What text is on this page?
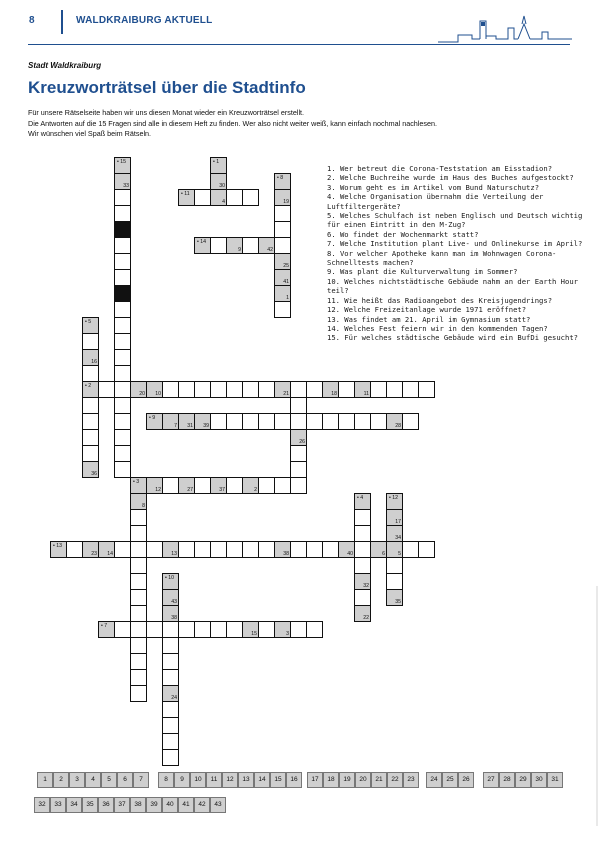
8	WALDKRAIBURG AKTUELL
Stadt Waldkraiburg
Kreuzworträtsel über die Stadtinfo
Für unsere Rätselseite haben wir uns diesen Monat wieder ein Kreuzworträtsel erstellt.
Die Antworten auf die 15 Fragen sind alle in diesem Heft zu finden. Wer also nicht weiter weiß, kann einfach nochmal nachlesen.
Wir wünschen viel Spaß beim Rätseln.
• 15
33
• 1
30
4
• 11
• 8
19
25
41
1
• 14
9	42
• 5
16
• 2
36
20 10	21	18	11
26
• 9
7 31 39	28
• 3
12	27	37	2
8
• 4
32
22
• 12
17
34
5
35
• 13
23 14	13	38	40	6
• 10
43
38
24
• 7
15	3
1. Wer betreut die Corona-Teststation am Eisstadion?
2. Welche Buchreihe wurde im Haus des Buches aufgestockt?
3. Worum geht es im Artikel vom Bund Naturschutz?
4. Welche Organisation übernahm die Verteilung der Luftfiltergeräte?
5. Welches Schulfach ist neben Englisch und Deutsch wichtig für einen Eintritt in den M-Zug?
6. Wo findet der Wochenmarkt statt?
7. Welche Institution plant Live- und Onlinekurse im April?
8. Vor welcher Apotheke kann man im Wohnwagen Corona-Schnelltests machen?
9. Was plant die Kulturverwaltung im Sommer?
10. Welches nichtstädtische Gebäude nahm an der Earth Hour teil?
11. Wie heißt das Radioangebot des Kreisjugendrings?
12. Welche Freizeitanlage wurde 1971 eröffnet?
13. Was findet am 21. April im Gymnasium statt?
14. Welches Fest feiern wir in den kommenden Tagen?
15. Für welches städtische Gebäude wird ein BufDi gesucht?
1	2	3	4	5	6	7	8	9	10	11	12	13	14	15	16	17	18	19	20	21	22	23	24	25	26	27	28	29	30	31
32	33	34	35	36	37	38	39	40	41	42	43
